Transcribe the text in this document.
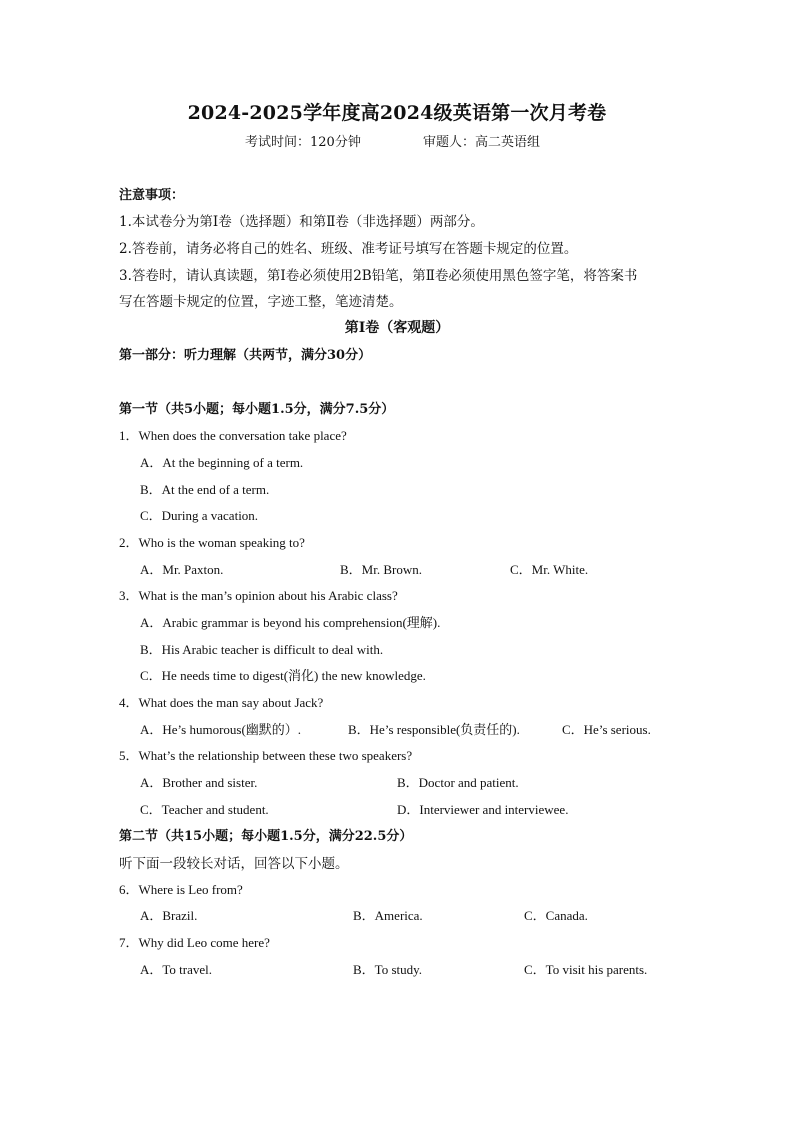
2024-2025学年度高2024级英语第一次月考卷
考试时间：120分钟	审题人：高二英语组
注意事项：
1.本试卷分为第Ⅰ卷（选择题）和第Ⅱ卷（非选择题）两部分。
2.答卷前，请务必将自己的姓名、班级、准考证号填写在答题卡规定的位置。
3.答卷时，请认真读题，第Ⅰ卷必须使用2B铅笔，第Ⅱ卷必须使用黑色签字笔，将答案书
写在答题卡规定的位置，字迹工整，笔迹清楚。
第Ⅰ卷（客观题）
第一部分：听力理解（共两节，满分30分）
第一节（共5小题；每小题1.5分，满分7.5分）
1．When does the conversation take place?
A．At the beginning of a term.
B．At the end of a term.
C．During a vacation.
2．Who is the woman speaking to?
A．Mr. Paxton.	B．Mr. Brown.	C．Mr. White.
3．What is the man’s opinion about his Arabic class?
A．Arabic grammar is beyond his comprehension(理解).
B．His Arabic teacher is difficult to deal with.
C．He needs time to digest(消化) the new knowledge.
4．What does the man say about Jack?
A．He’s humorous(幽默的）.	B．He’s responsible(负责任的).	C．He’s serious.
5．What’s the relationship between these two speakers?
A．Brother and sister.	B．Doctor and patient.
C．Teacher and student.	D．Interviewer and interviewee.
第二节（共15小题；每小题1.5分，满分22.5分）
听下面一段较长对话，回答以下小题。
6．Where is Leo from?
A．Brazil.	B．America.	C．Canada.
7．Why did Leo come here?
A．To travel.	B．To study.	C．To visit his parents.
